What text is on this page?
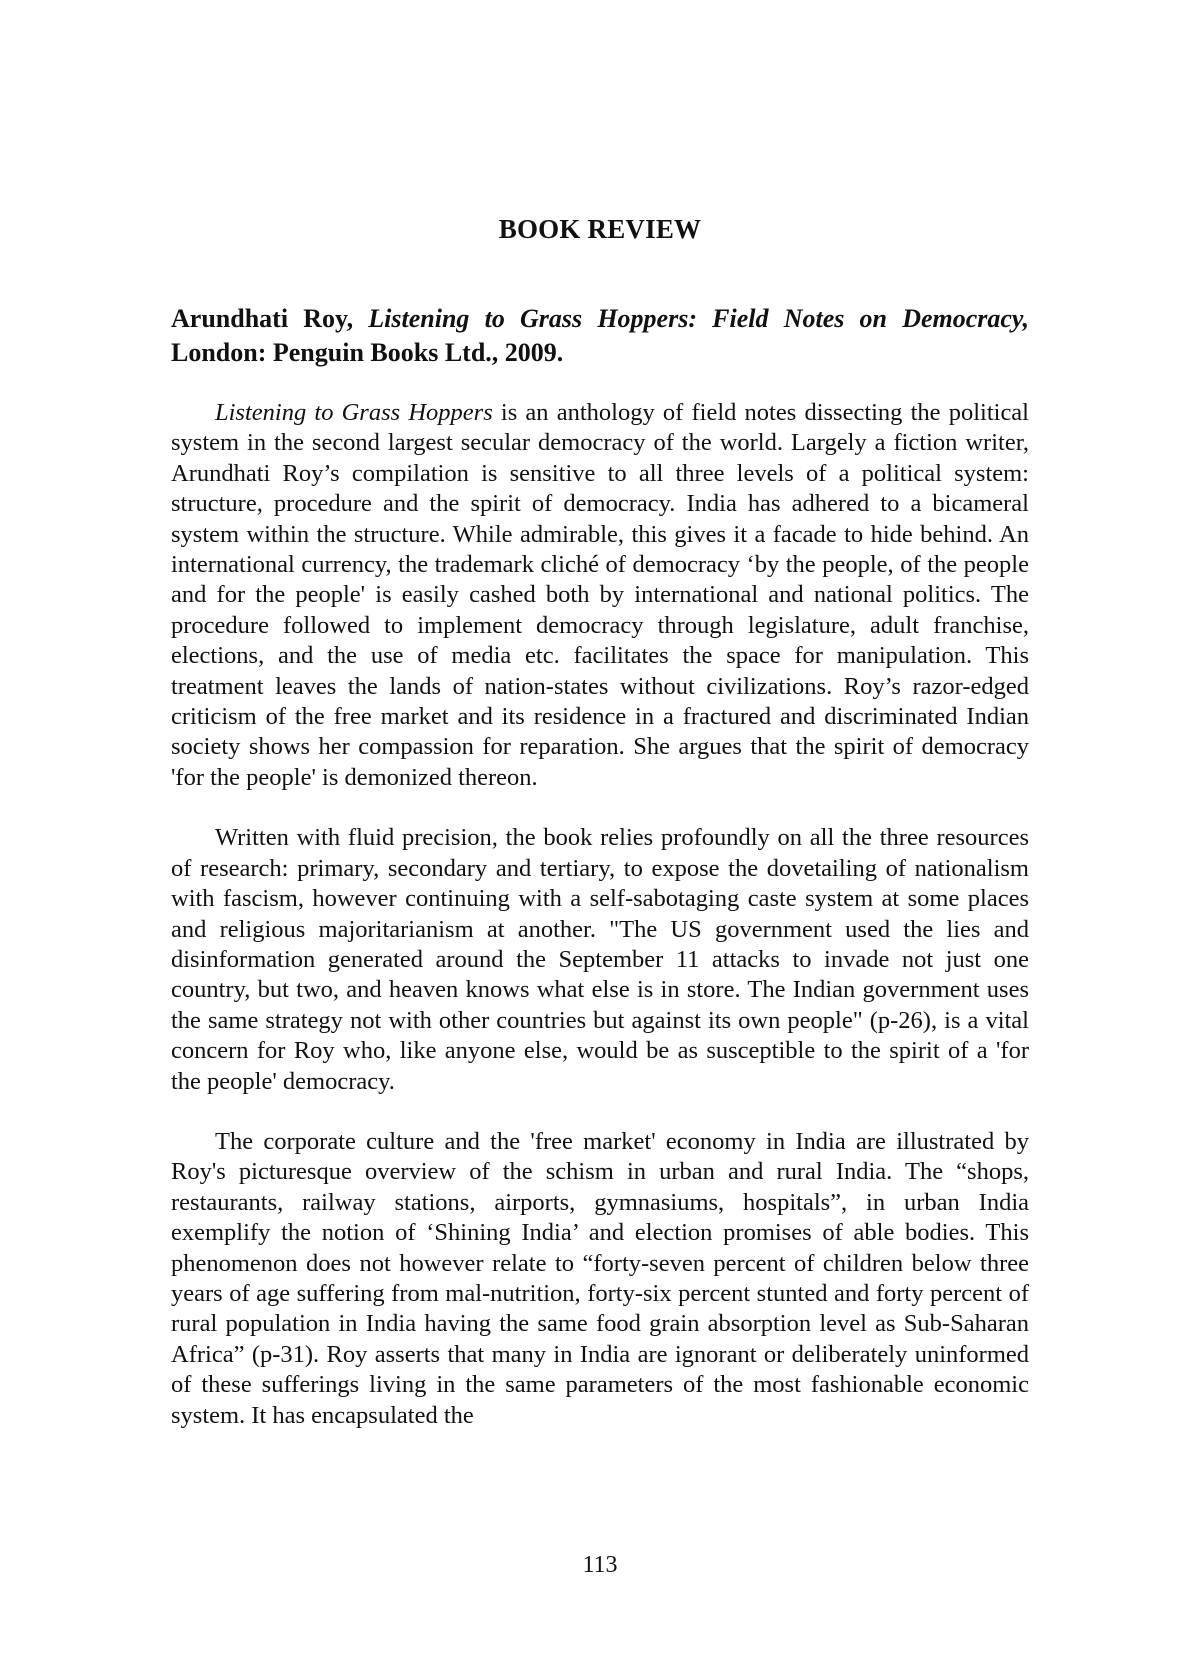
BOOK REVIEW
Arundhati Roy, Listening to Grass Hoppers: Field Notes on Democracy, London: Penguin Books Ltd., 2009.

Listening to Grass Hoppers is an anthology of field notes dissecting the political system in the second largest secular democracy of the world. Largely a fiction writer, Arundhati Roy’s compilation is sensitive to all three levels of a political system: structure, procedure and the spirit of democracy. India has adhered to a bicameral system within the structure. While admirable, this gives it a facade to hide behind. An international currency, the trademark cliché of democracy ‘by the people, of the people and for the people' is easily cashed both by international and national politics. The procedure followed to implement democracy through legislature, adult franchise, elections, and the use of media etc. facilitates the space for manipulation. This treatment leaves the lands of nation-states without civilizations. Roy’s razor-edged criticism of the free market and its residence in a fractured and discriminated Indian society shows her compassion for reparation. She argues that the spirit of democracy 'for the people' is demonized thereon.

Written with fluid precision, the book relies profoundly on all the three resources of research: primary, secondary and tertiary, to expose the dovetailing of nationalism with fascism, however continuing with a self-sabotaging caste system at some places and religious majoritarianism at another. "The US government used the lies and disinformation generated around the September 11 attacks to invade not just one country, but two, and heaven knows what else is in store. The Indian government uses the same strategy not with other countries but against its own people" (p-26), is a vital concern for Roy who, like anyone else, would be as susceptible to the spirit of a 'for the people' democracy.

The corporate culture and the 'free market' economy in India are illustrated by Roy's picturesque overview of the schism in urban and rural India. The “shops, restaurants, railway stations, airports, gymnasiums, hospitals”, in urban India exemplify the notion of ‘Shining India’ and election promises of able bodies. This phenomenon does not however relate to “forty-seven percent of children below three years of age suffering from mal-nutrition, forty-six percent stunted and forty percent of rural population in India having the same food grain absorption level as Sub-Saharan Africa” (p-31). Roy asserts that many in India are ignorant or deliberately uninformed of these sufferings living in the same parameters of the most fashionable economic system. It has encapsulated the

113
